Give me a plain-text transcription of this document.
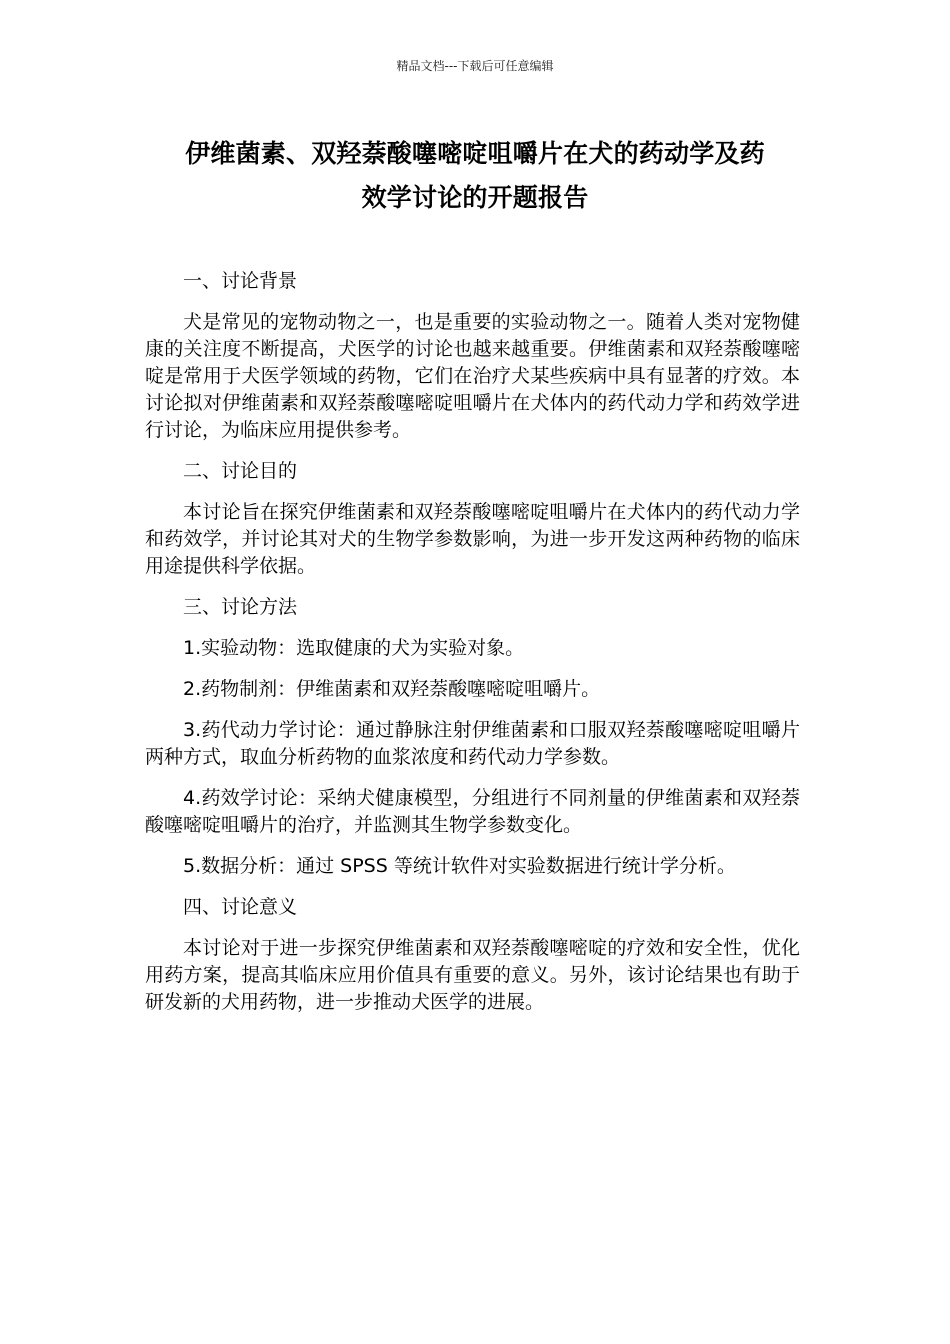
精品文档---下载后可任意编辑
伊维菌素、双羟萘酸噻嘧啶咀嚼片在犬的药动学及药
效学讨论的开题报告

一、讨论背景

犬是常见的宠物动物之一，也是重要的实验动物之一。随着人类对宠物健康的关注度不断提高，犬医学的讨论也越来越重要。伊维菌素和双羟萘酸噻嘧啶是常用于犬医学领域的药物，它们在治疗犬某些疾病中具有显著的疗效。本讨论拟对伊维菌素和双羟萘酸噻嘧啶咀嚼片在犬体内的药代动力学和药效学进行讨论，为临床应用提供参考。

二、讨论目的

本讨论旨在探究伊维菌素和双羟萘酸噻嘧啶咀嚼片在犬体内的药代动力学和药效学，并讨论其对犬的生物学参数影响，为进一步开发这两种药物的临床用途提供科学依据。

三、讨论方法

1.实验动物：选取健康的犬为实验对象。

2.药物制剂：伊维菌素和双羟萘酸噻嘧啶咀嚼片。

3.药代动力学讨论：通过静脉注射伊维菌素和口服双羟萘酸噻嘧啶咀嚼片两种方式，取血分析药物的血浆浓度和药代动力学参数。

4.药效学讨论：采纳犬健康模型，分组进行不同剂量的伊维菌素和双羟萘酸噻嘧啶咀嚼片的治疗，并监测其生物学参数变化。

5.数据分析：通过 SPSS 等统计软件对实验数据进行统计学分析。

四、讨论意义

本讨论对于进一步探究伊维菌素和双羟萘酸噻嘧啶的疗效和安全性，优化用药方案，提高其临床应用价值具有重要的意义。另外，该讨论结果也有助于研发新的犬用药物，进一步推动犬医学的进展。
